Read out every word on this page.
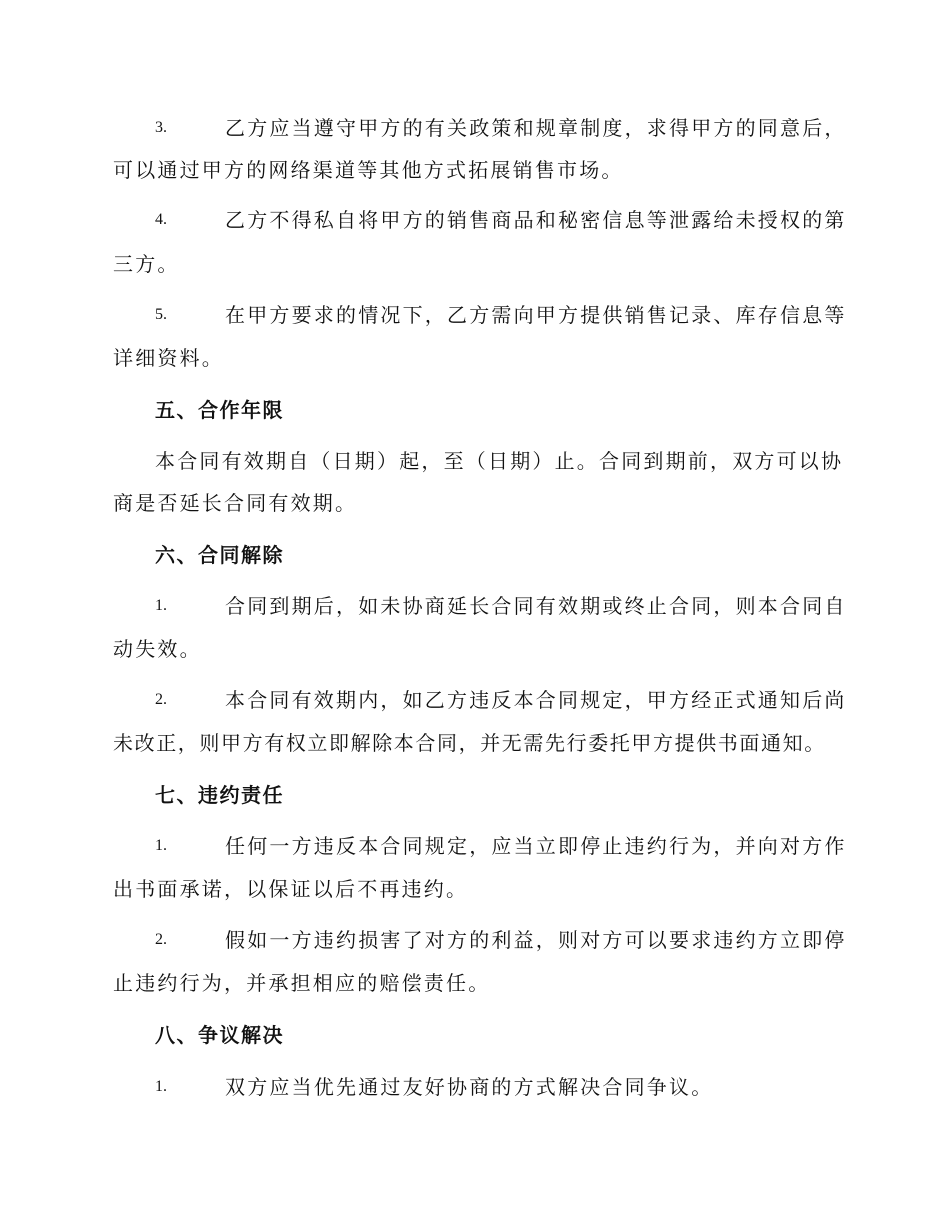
3.	乙方应当遵守甲方的有关政策和规章制度，求得甲方的同意后，
可以通过甲方的网络渠道等其他方式拓展销售市场。
4.	乙方不得私自将甲方的销售商品和秘密信息等泄露给未授权的第
三方。
5.	在甲方要求的情况下，乙方需向甲方提供销售记录、库存信息等
详细资料。
五、合作年限
本合同有效期自（日期）起，至（日期）止。合同到期前，双方可以协
商是否延长合同有效期。
六、合同解除
1.	合同到期后，如未协商延长合同有效期或终止合同，则本合同自
动失效。
2.	本合同有效期内，如乙方违反本合同规定，甲方经正式通知后尚
未改正，则甲方有权立即解除本合同，并无需先行委托甲方提供书面通知。
七、违约责任
1.	任何一方违反本合同规定，应当立即停止违约行为，并向对方作
出书面承诺，以保证以后不再违约。
2.	假如一方违约损害了对方的利益，则对方可以要求违约方立即停
止违约行为，并承担相应的赔偿责任。
八、争议解决
1.	双方应当优先通过友好协商的方式解决合同争议。
